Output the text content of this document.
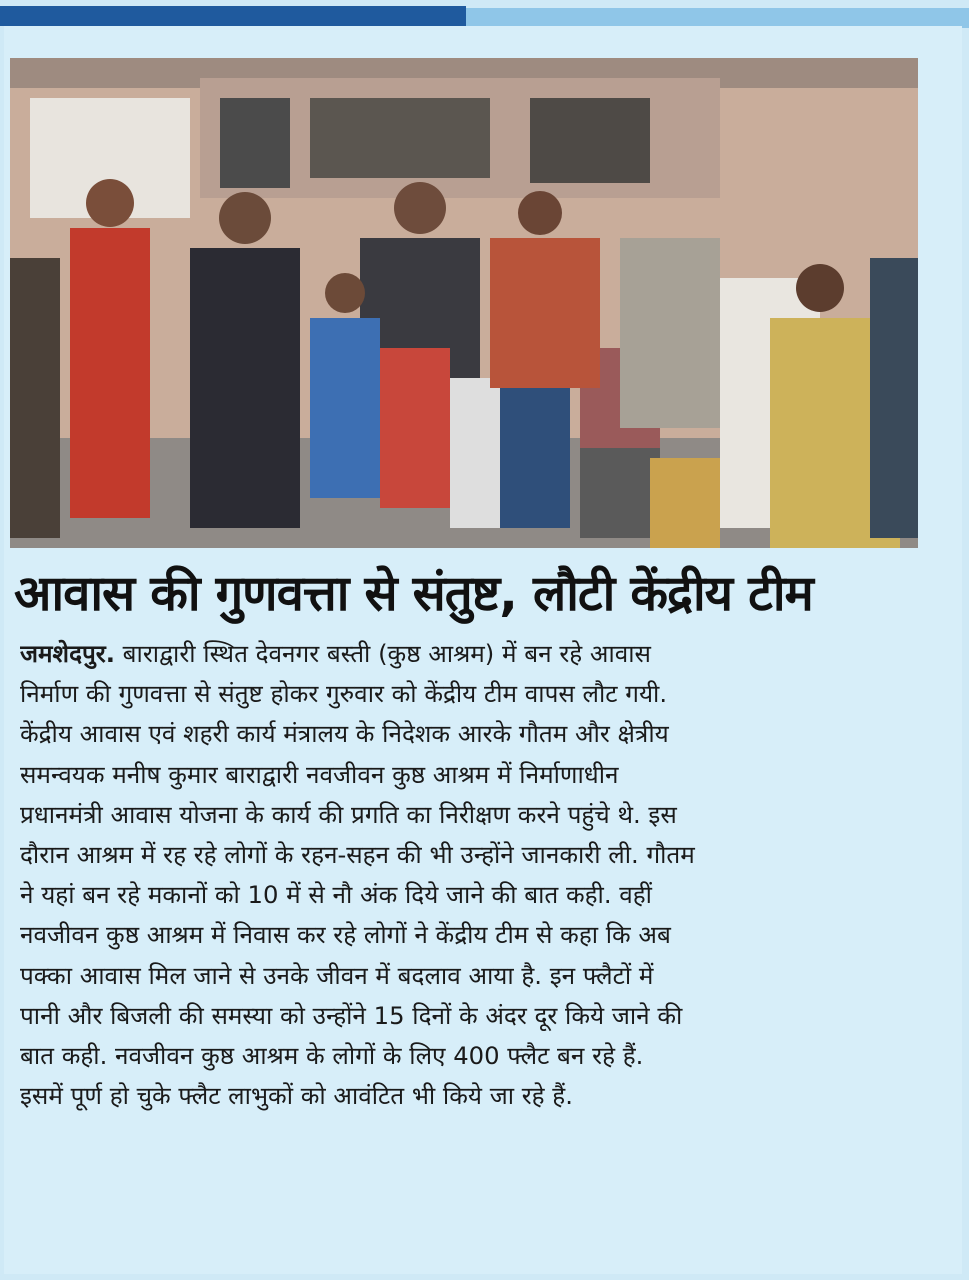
आवास की गुणवत्ता से संतुष्ट, लौटी केंद्रीय टीम
जमशेदपुर. बाराद्वारी स्थित देवनगर बस्ती (कुष्ठ आश्रम) में बन रहे आवास
निर्माण की गुणवत्ता से संतुष्ट होकर गुरुवार को केंद्रीय टीम वापस लौट गयी.
केंद्रीय आवास एवं शहरी कार्य मंत्रालय के निदेशक आरके गौतम और क्षेत्रीय
समन्वयक मनीष कुमार बाराद्वारी नवजीवन कुष्ठ आश्रम में निर्माणाधीन
प्रधानमंत्री आवास योजना के कार्य की प्रगति का निरीक्षण करने पहुंचे थे. इस
दौरान आश्रम में रह रहे लोगों के रहन-सहन की भी उन्होंने जानकारी ली. गौतम
ने यहां बन रहे मकानों को 10 में से नौ अंक दिये जाने की बात कही. वहीं
नवजीवन कुष्ठ आश्रम में निवास कर रहे लोगों ने केंद्रीय टीम से कहा कि अब
पक्का आवास मिल जाने से उनके जीवन में बदलाव आया है. इन फ्लैटों में
पानी और बिजली की समस्या को उन्होंने 15 दिनों के अंदर दूर किये जाने की
बात कही. नवजीवन कुष्ठ आश्रम के लोगों के लिए 400 फ्लैट बन रहे हैं.
इसमें पूर्ण हो चुके फ्लैट लाभुकों को आवंटित भी किये जा रहे हैं.
